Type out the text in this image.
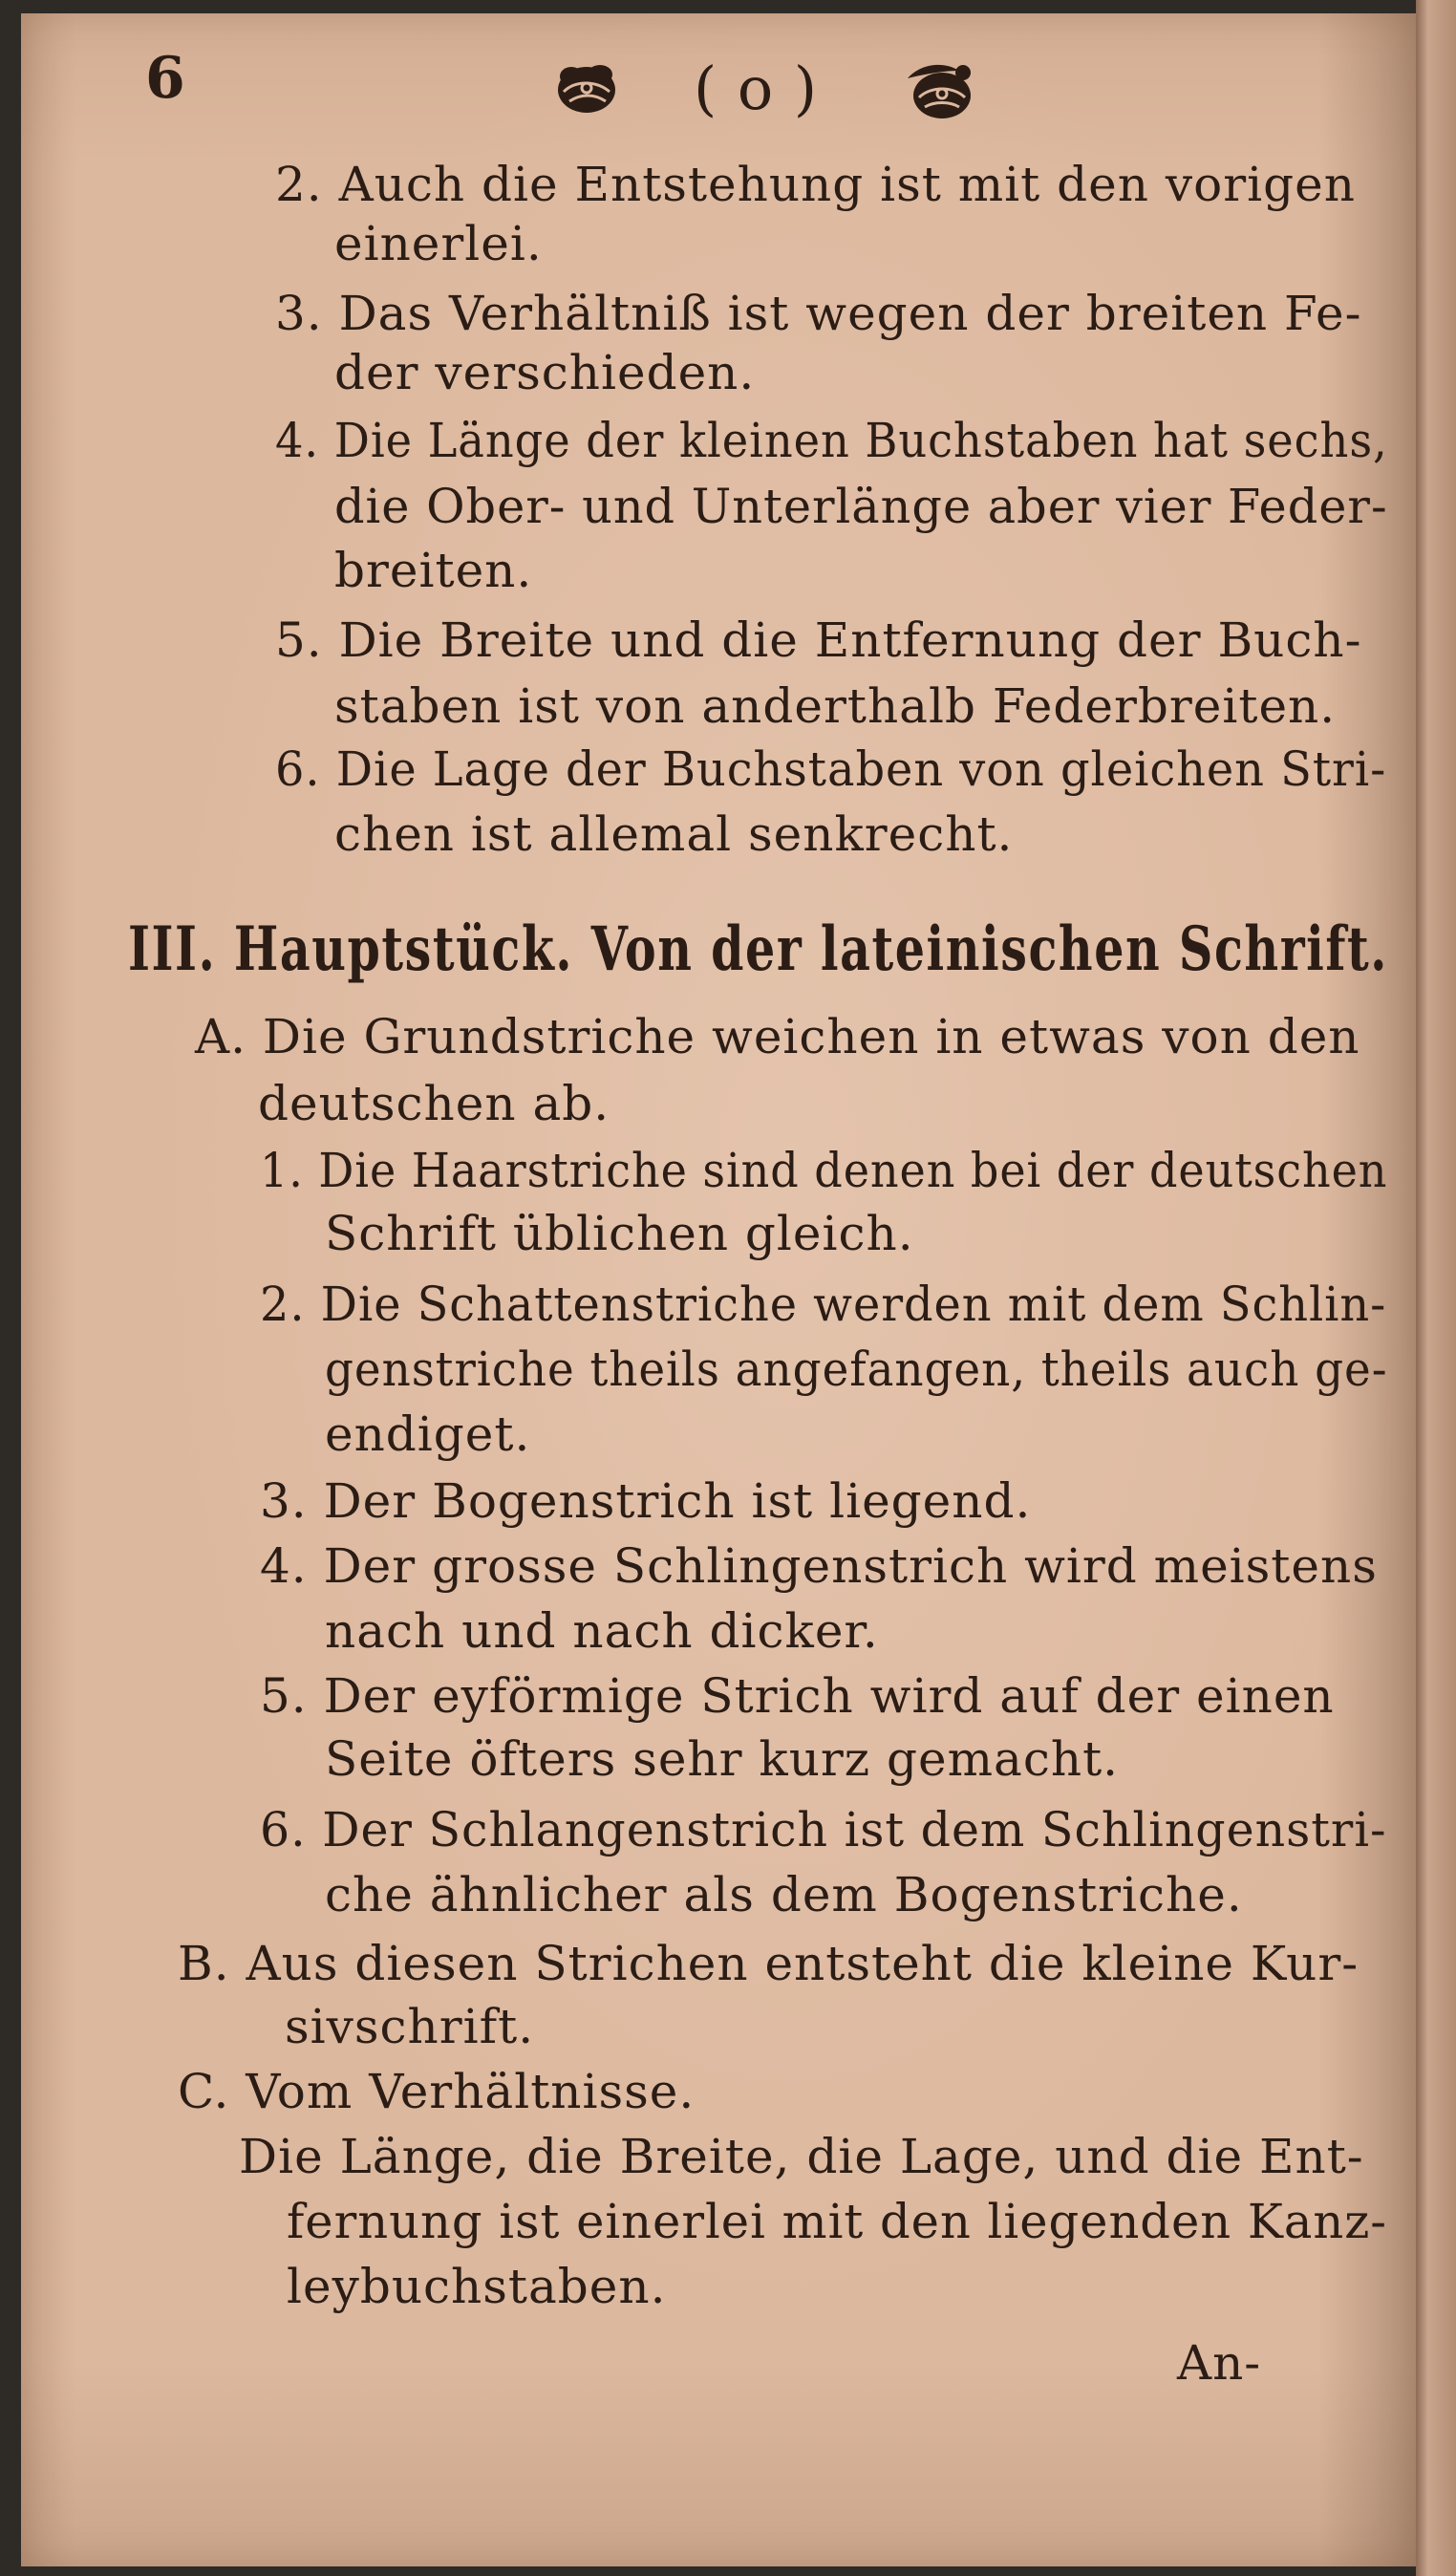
6	( o )
2. Auch die Entstehung ist mit den vorigen
einerlei.
3. Das Verhältniß ist wegen der breiten Fe-
der verschieden.
4. Die Länge der kleinen Buchstaben hat sechs,
die Ober- und Unterlänge aber vier Feder-
breiten.
5. Die Breite und die Entfernung der Buch-
staben ist von anderthalb Federbreiten.
6. Die Lage der Buchstaben von gleichen Stri-
chen ist allemal senkrecht.
III. Hauptstück. Von der lateinischen Schrift.
A. Die Grundstriche weichen in etwas von den
deutschen ab.
1. Die Haarstriche sind denen bei der deutschen
Schrift üblichen gleich.
2. Die Schattenstriche werden mit dem Schlin-
genstriche theils angefangen, theils auch ge-
endiget.
3. Der Bogenstrich ist liegend.
4. Der grosse Schlingenstrich wird meistens
nach und nach dicker.
5. Der eyförmige Strich wird auf der einen
Seite öfters sehr kurz gemacht.
6. Der Schlangenstrich ist dem Schlingenstri-
che ähnlicher als dem Bogenstriche.
B. Aus diesen Strichen entsteht die kleine Kur-
sivschrift.
C. Vom Verhältnisse.
Die Länge, die Breite, die Lage, und die Ent-
fernung ist einerlei mit den liegenden Kanz-
leybuchstaben.
An-
